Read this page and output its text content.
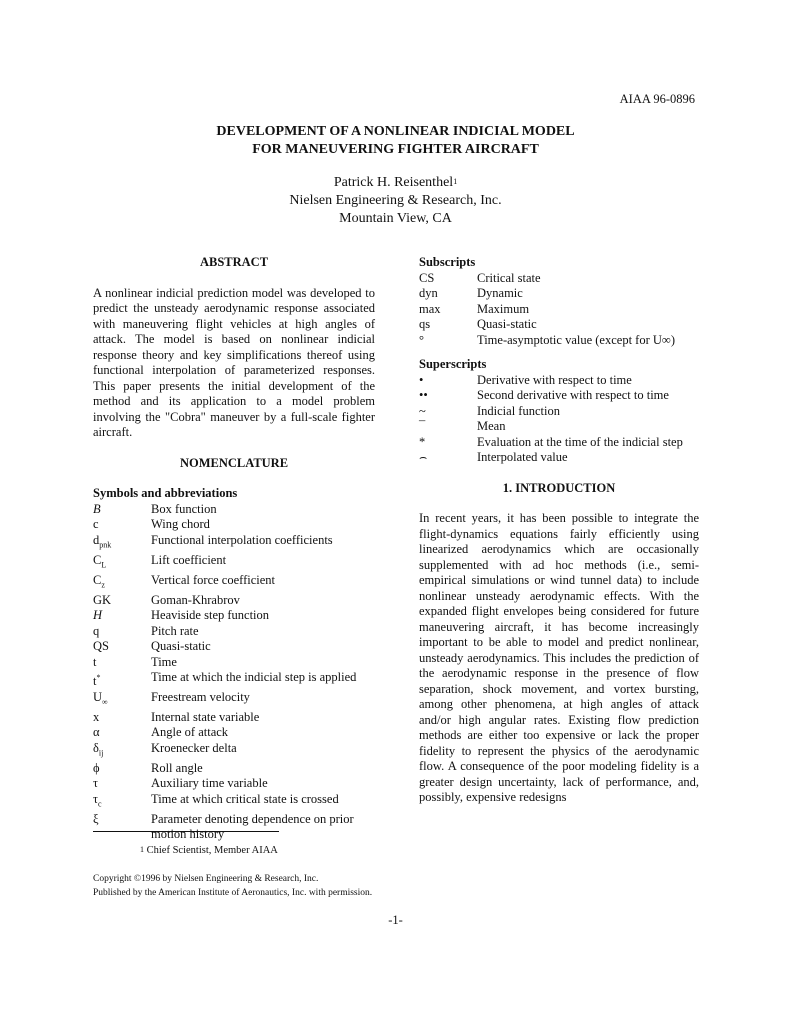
AIAA 96-0896
DEVELOPMENT OF A NONLINEAR INDICIAL MODEL
FOR MANEUVERING FIGHTER AIRCRAFT
Patrick H. Reisenthel$^1$
Nielsen Engineering & Research, Inc.
Mountain View, CA
ABSTRACT
A nonlinear indicial prediction model was developed to predict the unsteady aerodynamic response associated with maneuvering flight vehicles at high angles of attack. The model is based on nonlinear indicial response theory and key simplifications thereof using functional interpolation of parameterized responses. This paper presents the initial development of the method and its application to a model problem involving the "Cobra" maneuver by a full-scale fighter aircraft.
NOMENCLATURE
Symbols and abbreviations
B	Box function
c	Wing chord
$d_{pnk}$	Functional interpolation coefficients
$C_L$	Lift coefficient
$C_z$	Vertical force coefficient
GK	Goman-Khrabrov
H	Heaviside step function
q	Pitch rate
QS	Quasi-static
t	Time
t*	Time at which the indicial step is applied
$U_\infty$	Freestream velocity
x	Internal state variable
α	Angle of attack
$\delta_{ij}$	Kroenecker delta
ϕ	Roll angle
τ	Auxiliary time variable
$\tau_c$	Time at which critical state is crossed
ξ	Parameter denoting dependence on prior motion history
Subscripts
CS	Critical state
dyn	Dynamic
max	Maximum
qs	Quasi-static
°	Time-asymptotic value (except for U∞)
Superscripts
•	Derivative with respect to time
••	Second derivative with respect to time
~	Indicial function
¯	Mean
*	Evaluation at the time of the indicial step
⌢	Interpolated value
1. INTRODUCTION
In recent years, it has been possible to integrate the flight-dynamics equations fairly efficiently using linearized aerodynamics which are occasionally supplemented with ad hoc methods (i.e., semi-empirical simulations or wind tunnel data) to include nonlinear unsteady aerodynamic effects. With the expanded flight envelopes being considered for future maneuvering aircraft, it has become increasingly important to be able to model and predict nonlinear, unsteady aerodynamics. This includes the prediction of the aerodynamic response in the presence of flow separation, shock movement, and vortex bursting, among other phenomena, at high angles of attack and/or high angular rates. Existing flow prediction methods are either too expensive or lack the proper fidelity to represent the physics of the aerodynamic flow. A consequence of the poor modeling fidelity is a greater design uncertainty, lack of performance, and, possibly, expensive redesigns
$^1$ Chief Scientist, Member AIAA
Copyright ©1996 by Nielsen Engineering & Research, Inc.
Published by the American Institute of Aeronautics, Inc. with permission.
-1-
